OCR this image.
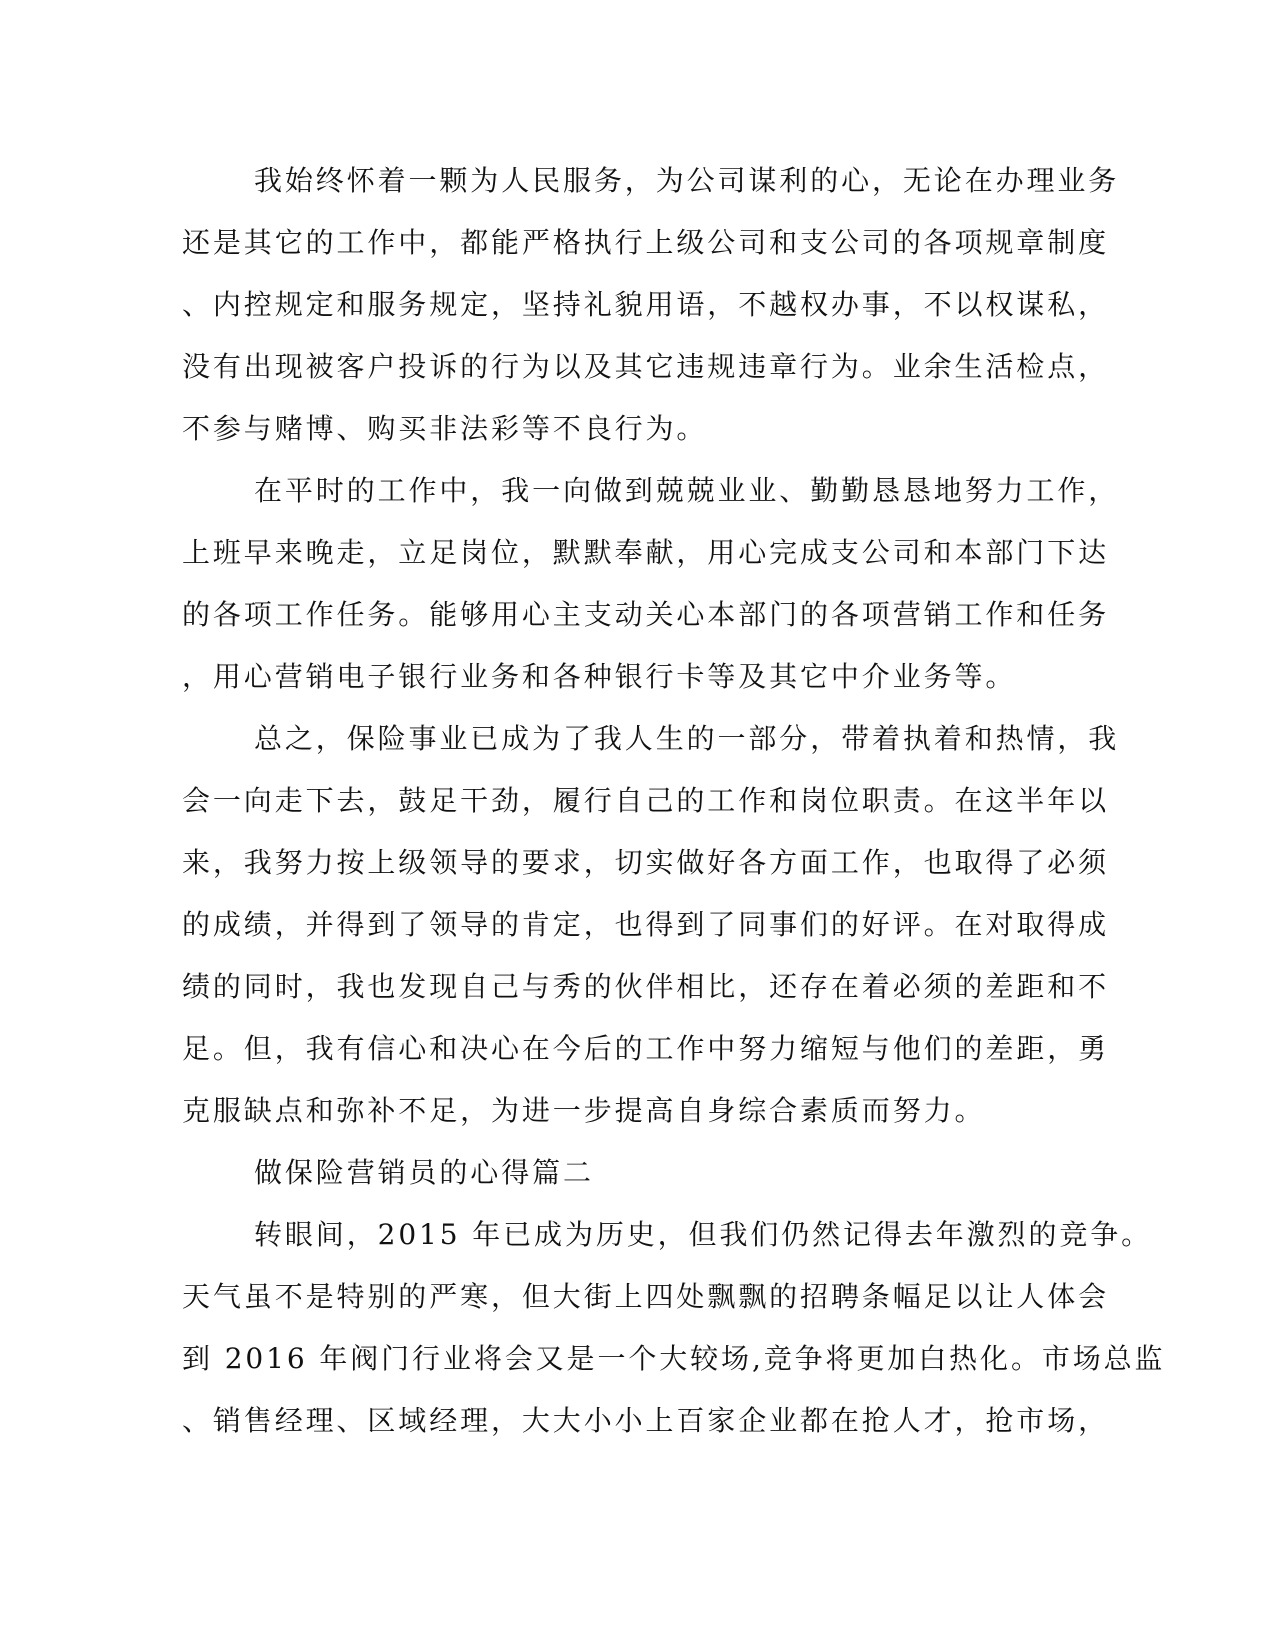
我始终怀着一颗为人民服务，为公司谋利的心，无论在办理业务
还是其它的工作中，都能严格执行上级公司和支公司的各项规章制度
、内控规定和服务规定，坚持礼貌用语，不越权办事，不以权谋私，
没有出现被客户投诉的行为以及其它违规违章行为。业余生活检点，
不参与赌博、购买非法彩等不良行为。
在平时的工作中，我一向做到兢兢业业、勤勤恳恳地努力工作，
上班早来晚走，立足岗位，默默奉献，用心完成支公司和本部门下达
的各项工作任务。能够用心主支动关心本部门的各项营销工作和任务
，用心营销电子银行业务和各种银行卡等及其它中介业务等。
总之，保险事业已成为了我人生的一部分，带着执着和热情，我
会一向走下去，鼓足干劲，履行自己的工作和岗位职责。在这半年以
来，我努力按上级领导的要求，切实做好各方面工作，也取得了必须
的成绩，并得到了领导的肯定，也得到了同事们的好评。在对取得成
绩的同时，我也发现自己与秀的伙伴相比，还存在着必须的差距和不
足。但，我有信心和决心在今后的工作中努力缩短与他们的差距，勇
克服缺点和弥补不足，为进一步提高自身综合素质而努力。
做保险营销员的心得篇二
转眼间，2015 年已成为历史，但我们仍然记得去年激烈的竞争。
天气虽不是特别的严寒，但大街上四处飘飘的招聘条幅足以让人体会
到 2016 年阀门行业将会又是一个大较场,竞争将更加白热化。市场总监
、销售经理、区域经理，大大小小上百家企业都在抢人才，抢市场，
